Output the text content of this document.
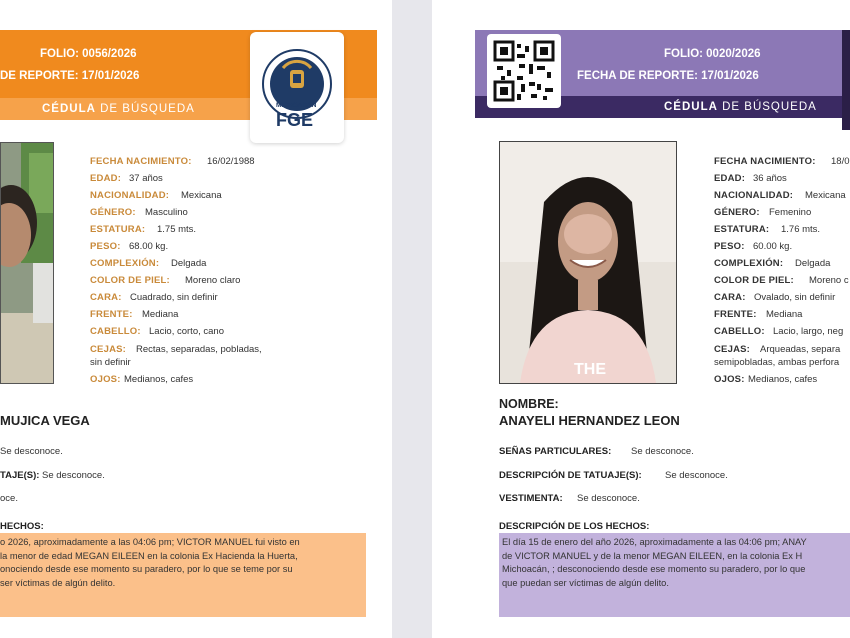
FOLIO: 0056/2026
DE REPORTE: 17/01/2026
CÉDULA DE BÚSQUEDA	MICHOACÁN
FGE
FECHA NACIMIENTO: 16/02/1988
EDAD: 37 años
NACIONALIDAD: Mexicana
GÉNERO: Masculino
ESTATURA: 1.75 mts.
PESO: 68.00 kg.
COMPLEXIÓN: Delgada
COLOR DE PIEL: Moreno claro
CARA: Cuadrado, sin definir
FRENTE: Mediana
CABELLO: Lacio, corto, cano
CEJAS: Rectas, separadas, pobladas,
sin definir
OJOS: Medianos, cafes
MUJICA VEGA
Se desconoce.
TAJE(S): Se desconoce.
oce.
HECHOS:
o 2026, aproximadamente a las 04:06 pm; VICTOR MANUEL fui visto en
la menor de edad MEGAN EILEEN en la colonia Ex Hacienda la Huerta,
onociendo desde ese momento su paradero, por lo que se teme por su
ser víctimas de algún delito.
FOLIO: 0020/2026
FECHA DE REPORTE: 17/01/2026
CÉDULA DE BÚSQUEDA
THE
FECHA NACIMIENTO: 18/0
EDAD: 36 años
NACIONALIDAD: Mexicana
GÉNERO: Femenino
ESTATURA: 1.76 mts.
PESO: 60.00 kg.
COMPLEXIÓN: Delgada
COLOR DE PIEL: Moreno c
CARA: Ovalado, sin definir
FRENTE: Mediana
CABELLO: Lacio, largo, neg
CEJAS: Arqueadas, separa
semipobladas, ambas perfora
OJOS: Medianos, cafes
NOMBRE:
ANAYELI HERNANDEZ LEON
SEÑAS PARTICULARES: Se desconoce.
DESCRIPCIÓN DE TATUAJE(S): Se desconoce.
VESTIMENTA: Se desconoce.
DESCRIPCIÓN DE LOS HECHOS:
El día 15 de enero del año 2026, aproximadamente a las 04:06 pm; ANAY
de VICTOR MANUEL y de la menor MEGAN EILEEN, en la colonia Ex H
Michoacán, ; desconociendo desde ese momento su paradero, por lo que
que puedan ser víctimas de algún delito.
